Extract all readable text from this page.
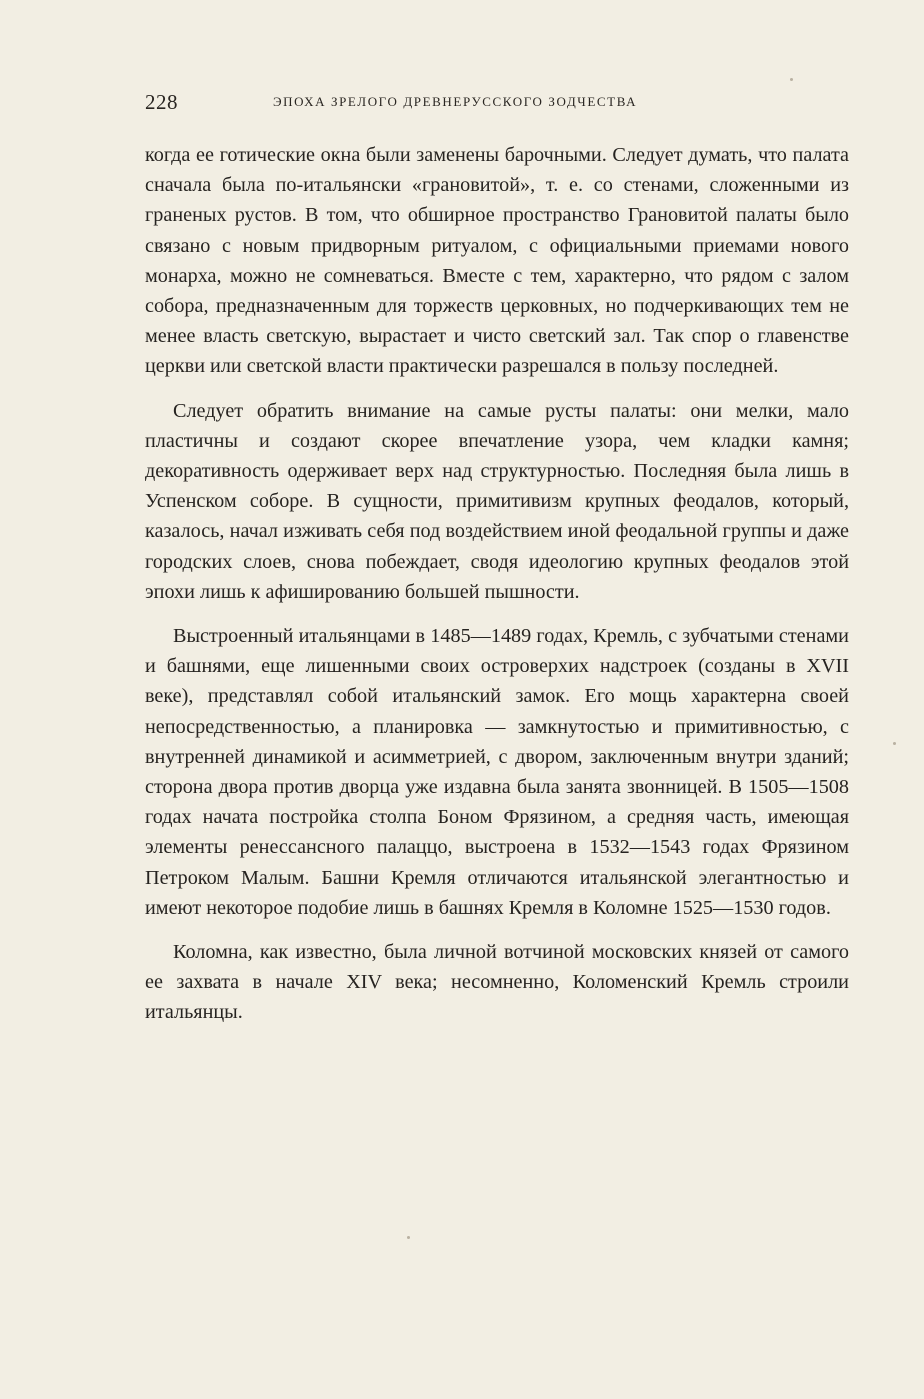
228	ЭПОХА ЗРЕЛОГО ДРЕВНЕРУССКОГО ЗОДЧЕСТВА

когда ее готические окна были заменены барочными. Следует думать, что палата сначала была по-итальянски «грановитой», т. е. со стенами, сложенными из граненых рустов. В том, что обширное пространство Грановитой палаты было связано с новым придворным ритуалом, с официальными приемами нового монарха, можно не сомневаться. Вместе с тем, характерно, что рядом с залом собора, предназначенным для торжеств церковных, но подчеркивающих тем не менее власть светскую, вырастает и чисто светский зал. Так спор о главенстве церкви или светской власти практически разрешался в пользу последней.

Следует обратить внимание на самые русты палаты: они мелки, мало пластичны и создают скорее впечатление узора, чем кладки камня; декоративность одерживает верх над структурностью. Последняя была лишь в Успенском соборе. В сущности, примитивизм крупных феодалов, который, казалось, начал изживать себя под воздействием иной феодальной группы и даже городских слоев, снова побеждает, сводя идеологию крупных феодалов этой эпохи лишь к афишированию большей пышности.

Выстроенный итальянцами в 1485—1489 годах, Кремль, с зубчатыми стенами и башнями, еще лишенными своих островерхих надстроек (созданы в XVII веке), представлял собой итальянский замок. Его мощь характерна своей непосредственностью, а планировка — замкнутостью и примитивностью, с внутренней динамикой и асимметрией, с двором, заключенным внутри зданий; сторона двора против дворца уже издавна была занята звонницей. В 1505—1508 годах начата постройка столпа Боном Фрязином, а средняя часть, имеющая элементы ренессансного палаццо, выстроена в 1532—1543 годах Фрязином Петроком Малым. Башни Кремля отличаются итальянской элегантностью и имеют некоторое подобие лишь в башнях Кремля в Коломне 1525—1530 годов.

Коломна, как известно, была личной вотчиной московских князей от самого ее захвата в начале XIV века; несомненно, Коломенский Кремль строили итальянцы.
